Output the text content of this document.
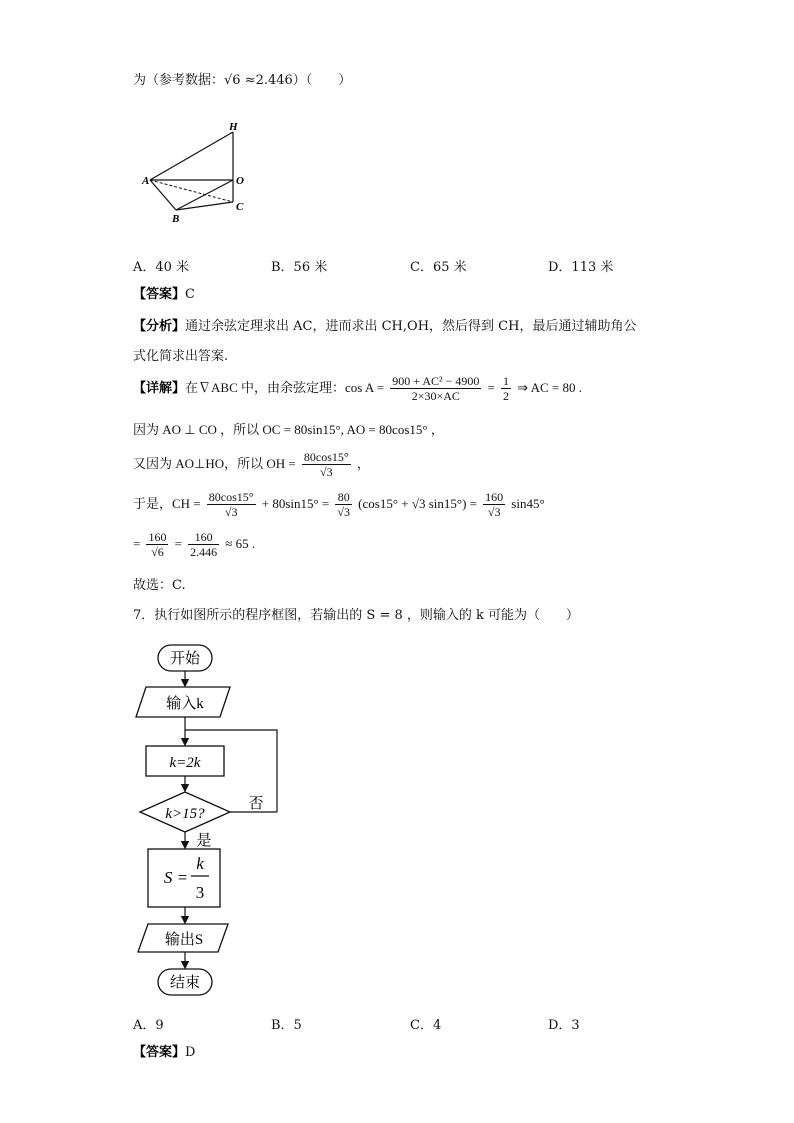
为（参考数据：√6 ≈2.446）（　　）
H
A	O
B
C
A．40 米	B．56 米	C．65 米	D．113 米
【答案】C
【分析】通过余弦定理求出 AC，进而求出 CH,OH，然后得到 CH，最后通过辅助角公
式化简求出答案.
【详解】在∇ABC 中，由余弦定理：$\cos A = \frac{\text{900 + AC² − 4900}}{2\times 30\times AC} = \frac{1}{2}$ ⇒ AC = 80 .
因为 AO ⊥ CO ，所以 OC = 80sin15°, AO = 80cos15° ，
又因为 AO⊥HO，所以 OH = $\frac{80\cos 15^\circ}{√3}$ ，
于是，CH = $\frac{80\cos 15^\circ}{√3} + 80\sin 15^\circ = \frac{80}{√3} (\cos 15^\circ + √3$ $\sin 15^\circ) = \frac{160}{√3} \sin 45^\circ$
= $\frac{160}{√6} = \frac{160}{2.446} \approx 65$ .
故选：C.
7．执行如图所示的程序框图，若输出的 S = 8 ，则输入的 k 可能为（　　）
开始
输入k
k=2k
k>15?
否
是
S =
k
3
输出S
结束
A．9	B．5	C．4	D．3
【答案】D
